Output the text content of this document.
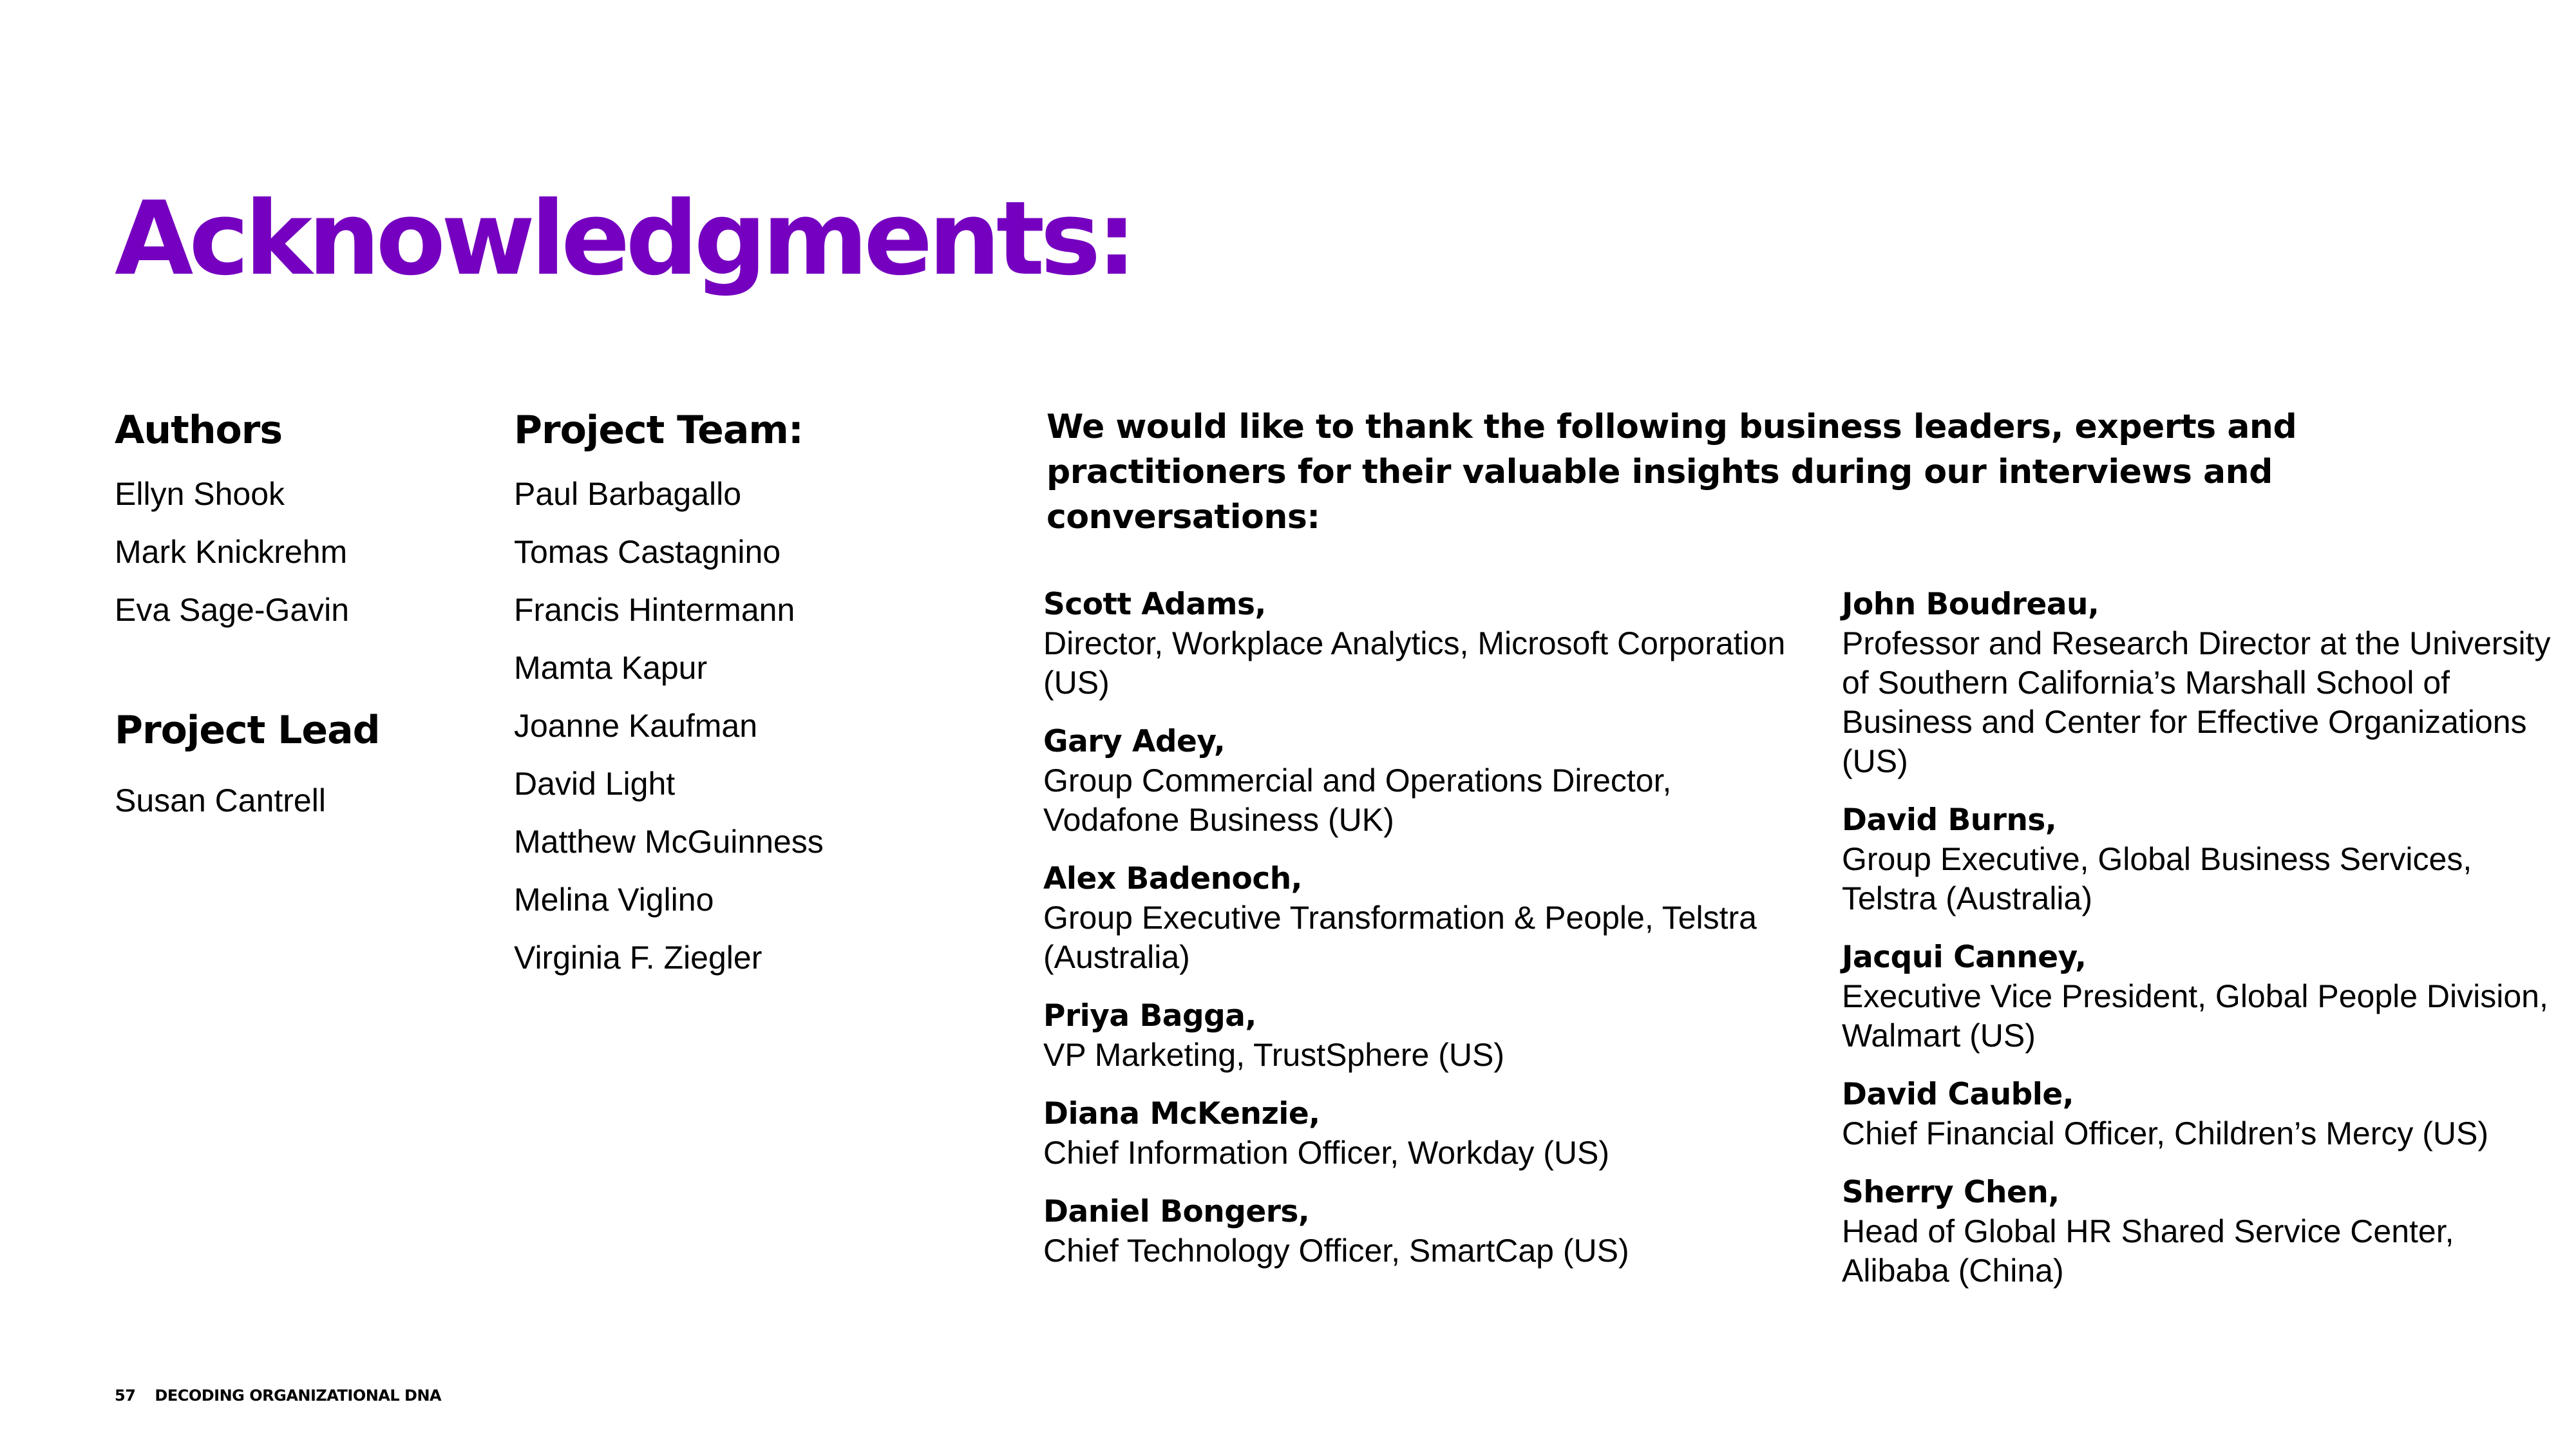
Acknowledgments:
Authors
Ellyn Shook
Mark Knickrehm
Eva Sage-Gavin
Project Lead
Susan Cantrell
Project Team:
Paul Barbagallo
Tomas Castagnino
Francis Hintermann
Mamta Kapur
Joanne Kaufman
David Light
Matthew McGuinness
Melina Viglino
Virginia F. Ziegler

We would like to thank the following business leaders, experts and practitioners for their valuable insights during our interviews and conversations:

Scott Adams,
Director, Workplace Analytics, Microsoft Corporation (US)
Gary Adey,
Group Commercial and Operations Director, Vodafone Business (UK)
Alex Badenoch,
Group Executive Transformation & People, Telstra (Australia)
Priya Bagga,
VP Marketing, TrustSphere (US)
Diana McKenzie,
Chief Information Officer, Workday (US)
Daniel Bongers,
Chief Technology Officer, SmartCap (US)
John Boudreau,
Professor and Research Director at the University of Southern California’s Marshall School of Business and Center for Effective Organizations (US)
David Burns,
Group Executive, Global Business Services, Telstra (Australia)
Jacqui Canney,
Executive Vice President, Global People Division, Walmart (US)
David Cauble,
Chief Financial Officer, Children’s Mercy (US)
Sherry Chen,
Head of Global HR Shared Service Center, Alibaba (China)
57 DECODING ORGANIZATIONAL DNA
